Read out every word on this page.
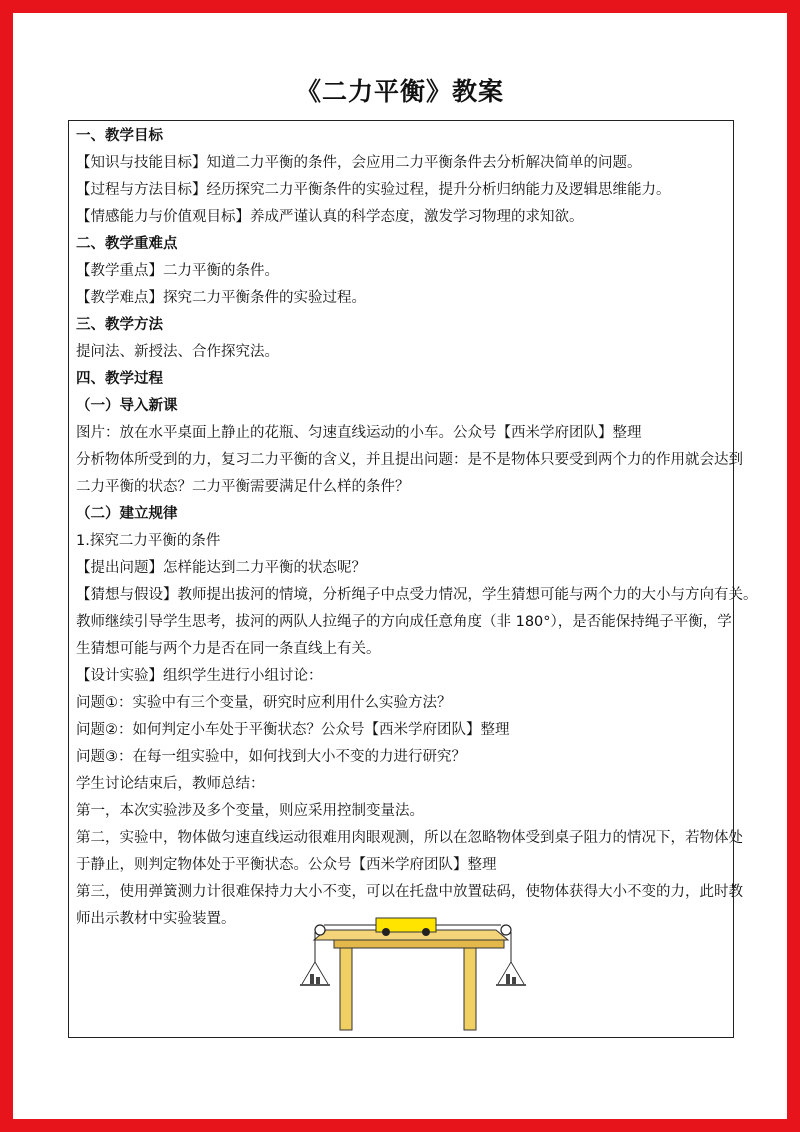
《二力平衡》教案
一、教学目标
【知识与技能目标】知道二力平衡的条件，会应用二力平衡条件去分析解决简单的问题。
【过程与方法目标】经历探究二力平衡条件的实验过程，提升分析归纳能力及逻辑思维能力。
【情感能力与价值观目标】养成严谨认真的科学态度，激发学习物理的求知欲。
二、教学重难点
【教学重点】二力平衡的条件。
【教学难点】探究二力平衡条件的实验过程。
三、教学方法
提问法、新授法、合作探究法。
四、教学过程
（一）导入新课
图片：放在水平桌面上静止的花瓶、匀速直线运动的小车。公众号【西米学府团队】整理
分析物体所受到的力，复习二力平衡的含义，并且提出问题：是不是物体只要受到两个力的作用就会达到
二力平衡的状态？二力平衡需要满足什么样的条件？
（二）建立规律
1.探究二力平衡的条件
【提出问题】怎样能达到二力平衡的状态呢？
【猜想与假设】教师提出拔河的情境，分析绳子中点受力情况，学生猜想可能与两个力的大小与方向有关。
教师继续引导学生思考，拔河的两队人拉绳子的方向成任意角度（非 180°），是否能保持绳子平衡，学
生猜想可能与两个力是否在同一条直线上有关。
【设计实验】组织学生进行小组讨论：
问题①：实验中有三个变量，研究时应利用什么实验方法？
问题②：如何判定小车处于平衡状态？公众号【西米学府团队】整理
问题③：在每一组实验中，如何找到大小不变的力进行研究？
学生讨论结束后，教师总结：
第一，本次实验涉及多个变量，则应采用控制变量法。
第二，实验中，物体做匀速直线运动很难用肉眼观测，所以在忽略物体受到桌子阻力的情况下，若物体处
于静止，则判定物体处于平衡状态。公众号【西米学府团队】整理
第三，使用弹簧测力计很难保持力大小不变，可以在托盘中放置砝码，使物体获得大小不变的力，此时教
师出示教材中实验装置。
